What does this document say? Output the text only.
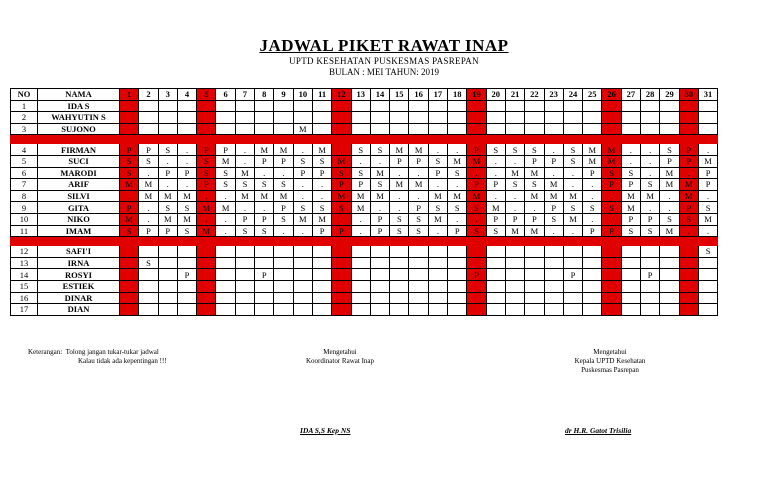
JADWAL PIKET RAWAT INAP
UPTD KESEHATAN PUSKESMAS PASREPAN
BULAN : MEI TAHUN: 2019
NO	NAMA	1	2	3	4	5	6	7	8	9	10	11	12	13	14	15	16	17	18	19	20	21	22	23	24	25	26	27	28	29	30	31
1	IDA S																															
2	WAHYUTIN S																															
3	SUJONO										M																					

4	FIRMAN	P	P	S	.	P	P	.	M	M	.	M	.	S	S	M	M	.	.	P	S	S	S	.	S	M	M	.	.	S	P	.
5	SUCI	S	S	.	.	S	M	.	P	P	S	S	M	.	.	P	P	S	M	M	.	.	P	P	S	M	M	.	.	P	P	M
6	MARODI	S	.	P	P	S	S	M	.	.	P	P	S	S	M	.	.	P	S	.	.	M	M	.	.	P	S	S	.	M	.	P
7	ARIF	M	M	.	.	P	S	S	S	S	.	.	P	P	S	M	M	.	.	P	P	S	S	M	.	.	P	P	S	M	M	P
8	SILVI	.	M	M	M	.	.	M	M	M	.	.	M	M	M	.	.	M	M	M	.	.	M	M	M	.	.	M	M	.	M	.
9	GITA	P	.	S	S	M	M	.	.	P	S	S	S	M	.	.	P	S	S	S	M	.	.	P	S	S	S	M	.	.	P	S
10	NIKO	M	.	M	M	.	.	P	P	S	M	M	.	.	P	S	S	M	.	.	P	P	P	S	M	.	.	P	P	S	S	M
11	IMAM	S	P	P	S	M	.	S	S	.	.	P	P	.	P	S	S	.	P	S	S	M	M	.	.	P	P	S	S	M	.	.

12	SAFI'I																															S
13	IRNA		S																													
14	ROSYI				P				P											P					P				P			
15	ESTIEK																															
16	DINAR																															
17	DIAN																															
Keterangan: Tolong jangan tukar-tukar jadwal
Kalau tidak ada kepentingan !!!
Mengetahui
Koordinator Rawat Inap
Mengetahui
Kepala UPTD Kesehatan
Puskesmas Pasrepan
IDA S,S Kep NS	dr H.R. Gatot Trisilia
